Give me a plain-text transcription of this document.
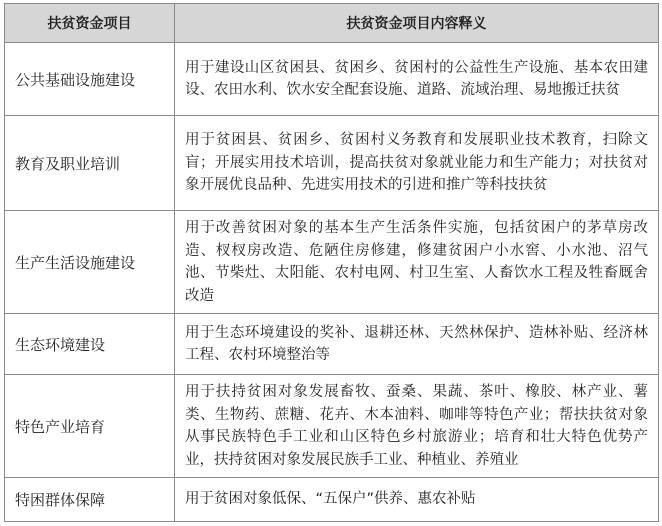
扶贫资金项目	扶贫资金项目内容释义
公共基础设施建设	用于建设山区贫困县、贫困乡、贫困村的公益性生产设施、基本农田建设、农田水利、饮水安全配套设施、道路、流域治理、易地搬迁扶贫
教育及职业培训	用于贫困县、贫困乡、贫困村义务教育和发展职业技术教育，扫除文盲；开展实用技术培训，提高扶贫对象就业能力和生产能力；对扶贫对象开展优良品种、先进实用技术的引进和推广等科技扶贫
生产生活设施建设	用于改善贫困对象的基本生产生活条件实施，包括贫困户的茅草房改造、杈杈房改造、危陋住房修建，修建贫困户小水窖、小水池、沼气池、节柴灶、太阳能、农村电网、村卫生室、人畜饮水工程及牲畜厩舍改造
生态环境建设	用于生态环境建设的奖补、退耕还林、天然林保护、造林补贴、经济林工程、农村环境整治等
特色产业培育	用于扶持贫困对象发展畜牧、蚕桑、果蔬、茶叶、橡胶、林产业、薯类、生物药、蔗糖、花卉、木本油料、咖啡等特色产业；帮扶扶贫对象从事民族特色手工业和山区特色乡村旅游业；培育和壮大特色优势产业，扶持贫困对象发展民族手工业、种植业、养殖业
特困群体保障	用于贫困对象低保、“五保户”供养、惠农补贴
